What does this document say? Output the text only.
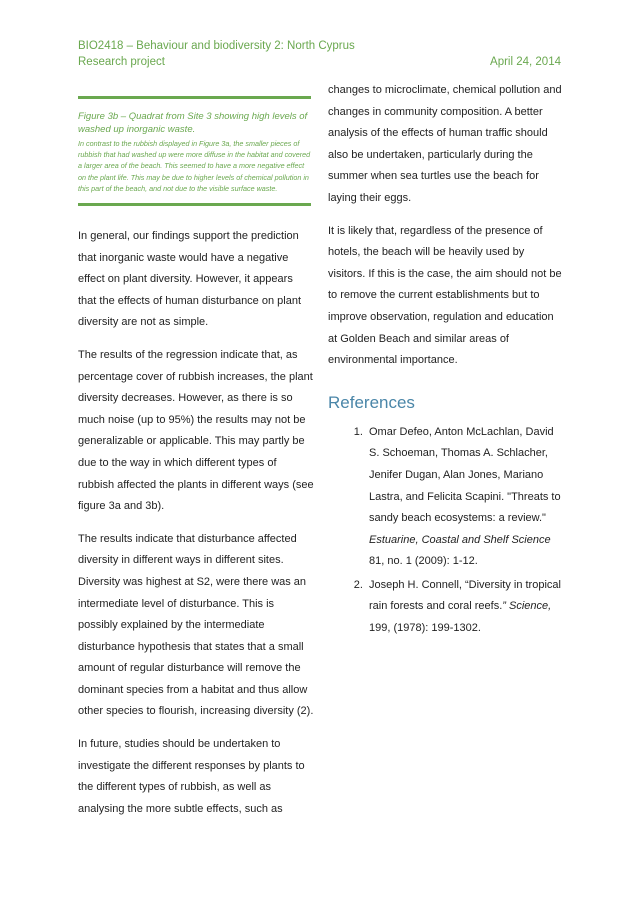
BIO2418 – Behaviour and biodiversity 2: North Cyprus
Research project	April 24, 2014
Figure 3b – Quadrat from Site 3 showing high levels of washed up inorganic waste.
In contrast to the rubbish displayed in Figure 3a, the smaller pieces of rubbish that had washed up were more diffuse in the habitat and covered a larger area of the beach. This seemed to have a more negative effect on the plant life. This may be due to higher levels of chemical pollution in this part of the beach, and not due to the visible surface waste.

In general, our findings support the prediction that inorganic waste would have a negative effect on plant diversity. However, it appears that the effects of human disturbance on plant diversity are not as simple.

The results of the regression indicate that, as percentage cover of rubbish increases, the plant diversity decreases. However, as there is so much noise (up to 95%) the results may not be generalizable or applicable. This may partly be due to the way in which different types of rubbish affected the plants in different ways (see figure 3a and 3b).

The results indicate that disturbance affected diversity in different ways in different sites. Diversity was highest at S2, were there was an intermediate level of disturbance. This is possibly explained by the intermediate disturbance hypothesis that states that a small amount of regular disturbance will remove the dominant species from a habitat and thus allow other species to flourish, increasing diversity (2).

In future, studies should be undertaken to investigate the different responses by plants to the different types of rubbish, as well as analysing the more subtle effects, such as

changes to microclimate, chemical pollution and changes in community composition. A better analysis of the effects of human traffic should also be undertaken, particularly during the summer when sea turtles use the beach for laying their eggs.

It is likely that, regardless of the presence of hotels, the beach will be heavily used by visitors. If this is the case, the aim should not be to remove the current establishments but to improve observation, regulation and education at Golden Beach and similar areas of environmental importance.

References
1. Omar Defeo, Anton McLachlan, David S. Schoeman, Thomas A. Schlacher, Jenifer Dugan, Alan Jones, Mariano Lastra, and Felicita Scapini. "Threats to sandy beach ecosystems: a review." Estuarine, Coastal and Shelf Science 81, no. 1 (2009): 1-12.
2. Joseph H. Connell, “Diversity in tropical rain forests and coral reefs.” Science, 199, (1978): 199-1302.
